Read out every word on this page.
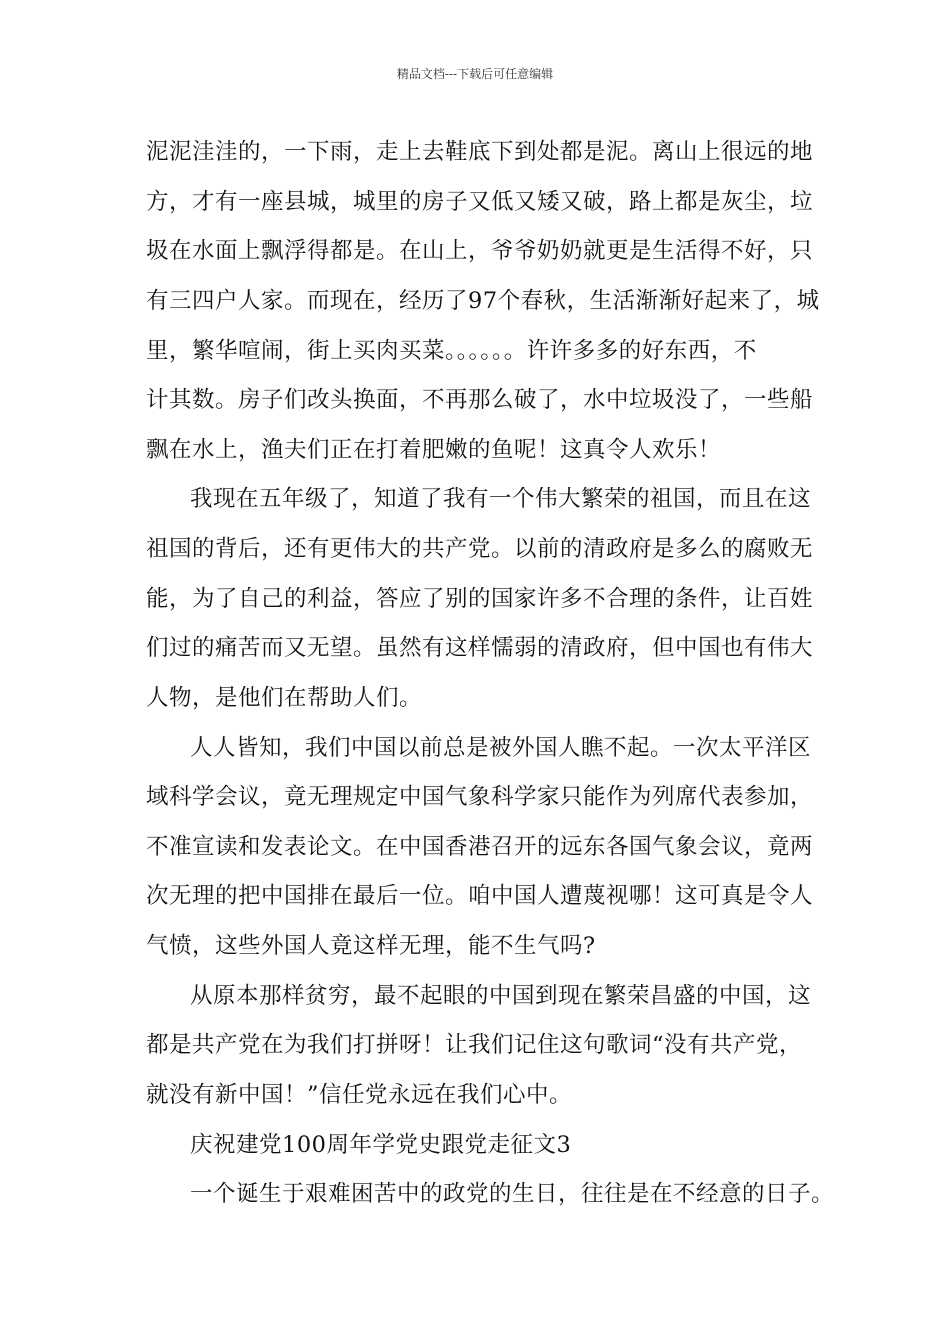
精品文档---下载后可任意编辑
泥泥洼洼的，一下雨，走上去鞋底下到处都是泥。离山上很远的地
方，才有一座县城，城里的房子又低又矮又破，路上都是灰尘，垃
圾在水面上飘浮得都是。在山上，爷爷奶奶就更是生活得不好，只
有三四户人家。而现在，经历了97个春秋，生活渐渐好起来了，城
里，繁华喧闹，街上买肉买菜。。。。。。许许多多的好东西，不
计其数。房子们改头换面，不再那么破了，水中垃圾没了，一些船
飘在水上，渔夫们正在打着肥嫩的鱼呢！这真令人欢乐！
我现在五年级了，知道了我有一个伟大繁荣的祖国，而且在这
祖国的背后，还有更伟大的共产党。以前的清政府是多么的腐败无
能，为了自己的利益，答应了别的国家许多不合理的条件，让百姓
们过的痛苦而又无望。虽然有这样懦弱的清政府，但中国也有伟大
人物，是他们在帮助人们。
人人皆知，我们中国以前总是被外国人瞧不起。一次太平洋区
域科学会议，竟无理规定中国气象科学家只能作为列席代表参加，
不准宣读和发表论文。在中国香港召开的远东各国气象会议，竟两
次无理的把中国排在最后一位。咱中国人遭蔑视哪！这可真是令人
气愤，这些外国人竟这样无理，能不生气吗?
从原本那样贫穷，最不起眼的中国到现在繁荣昌盛的中国，这
都是共产党在为我们打拼呀！让我们记住这句歌词“没有共产党，
就没有新中国！”信任党永远在我们心中。
庆祝建党100周年学党史跟党走征文3
一个诞生于艰难困苦中的政党的生日，往往是在不经意的日子。
